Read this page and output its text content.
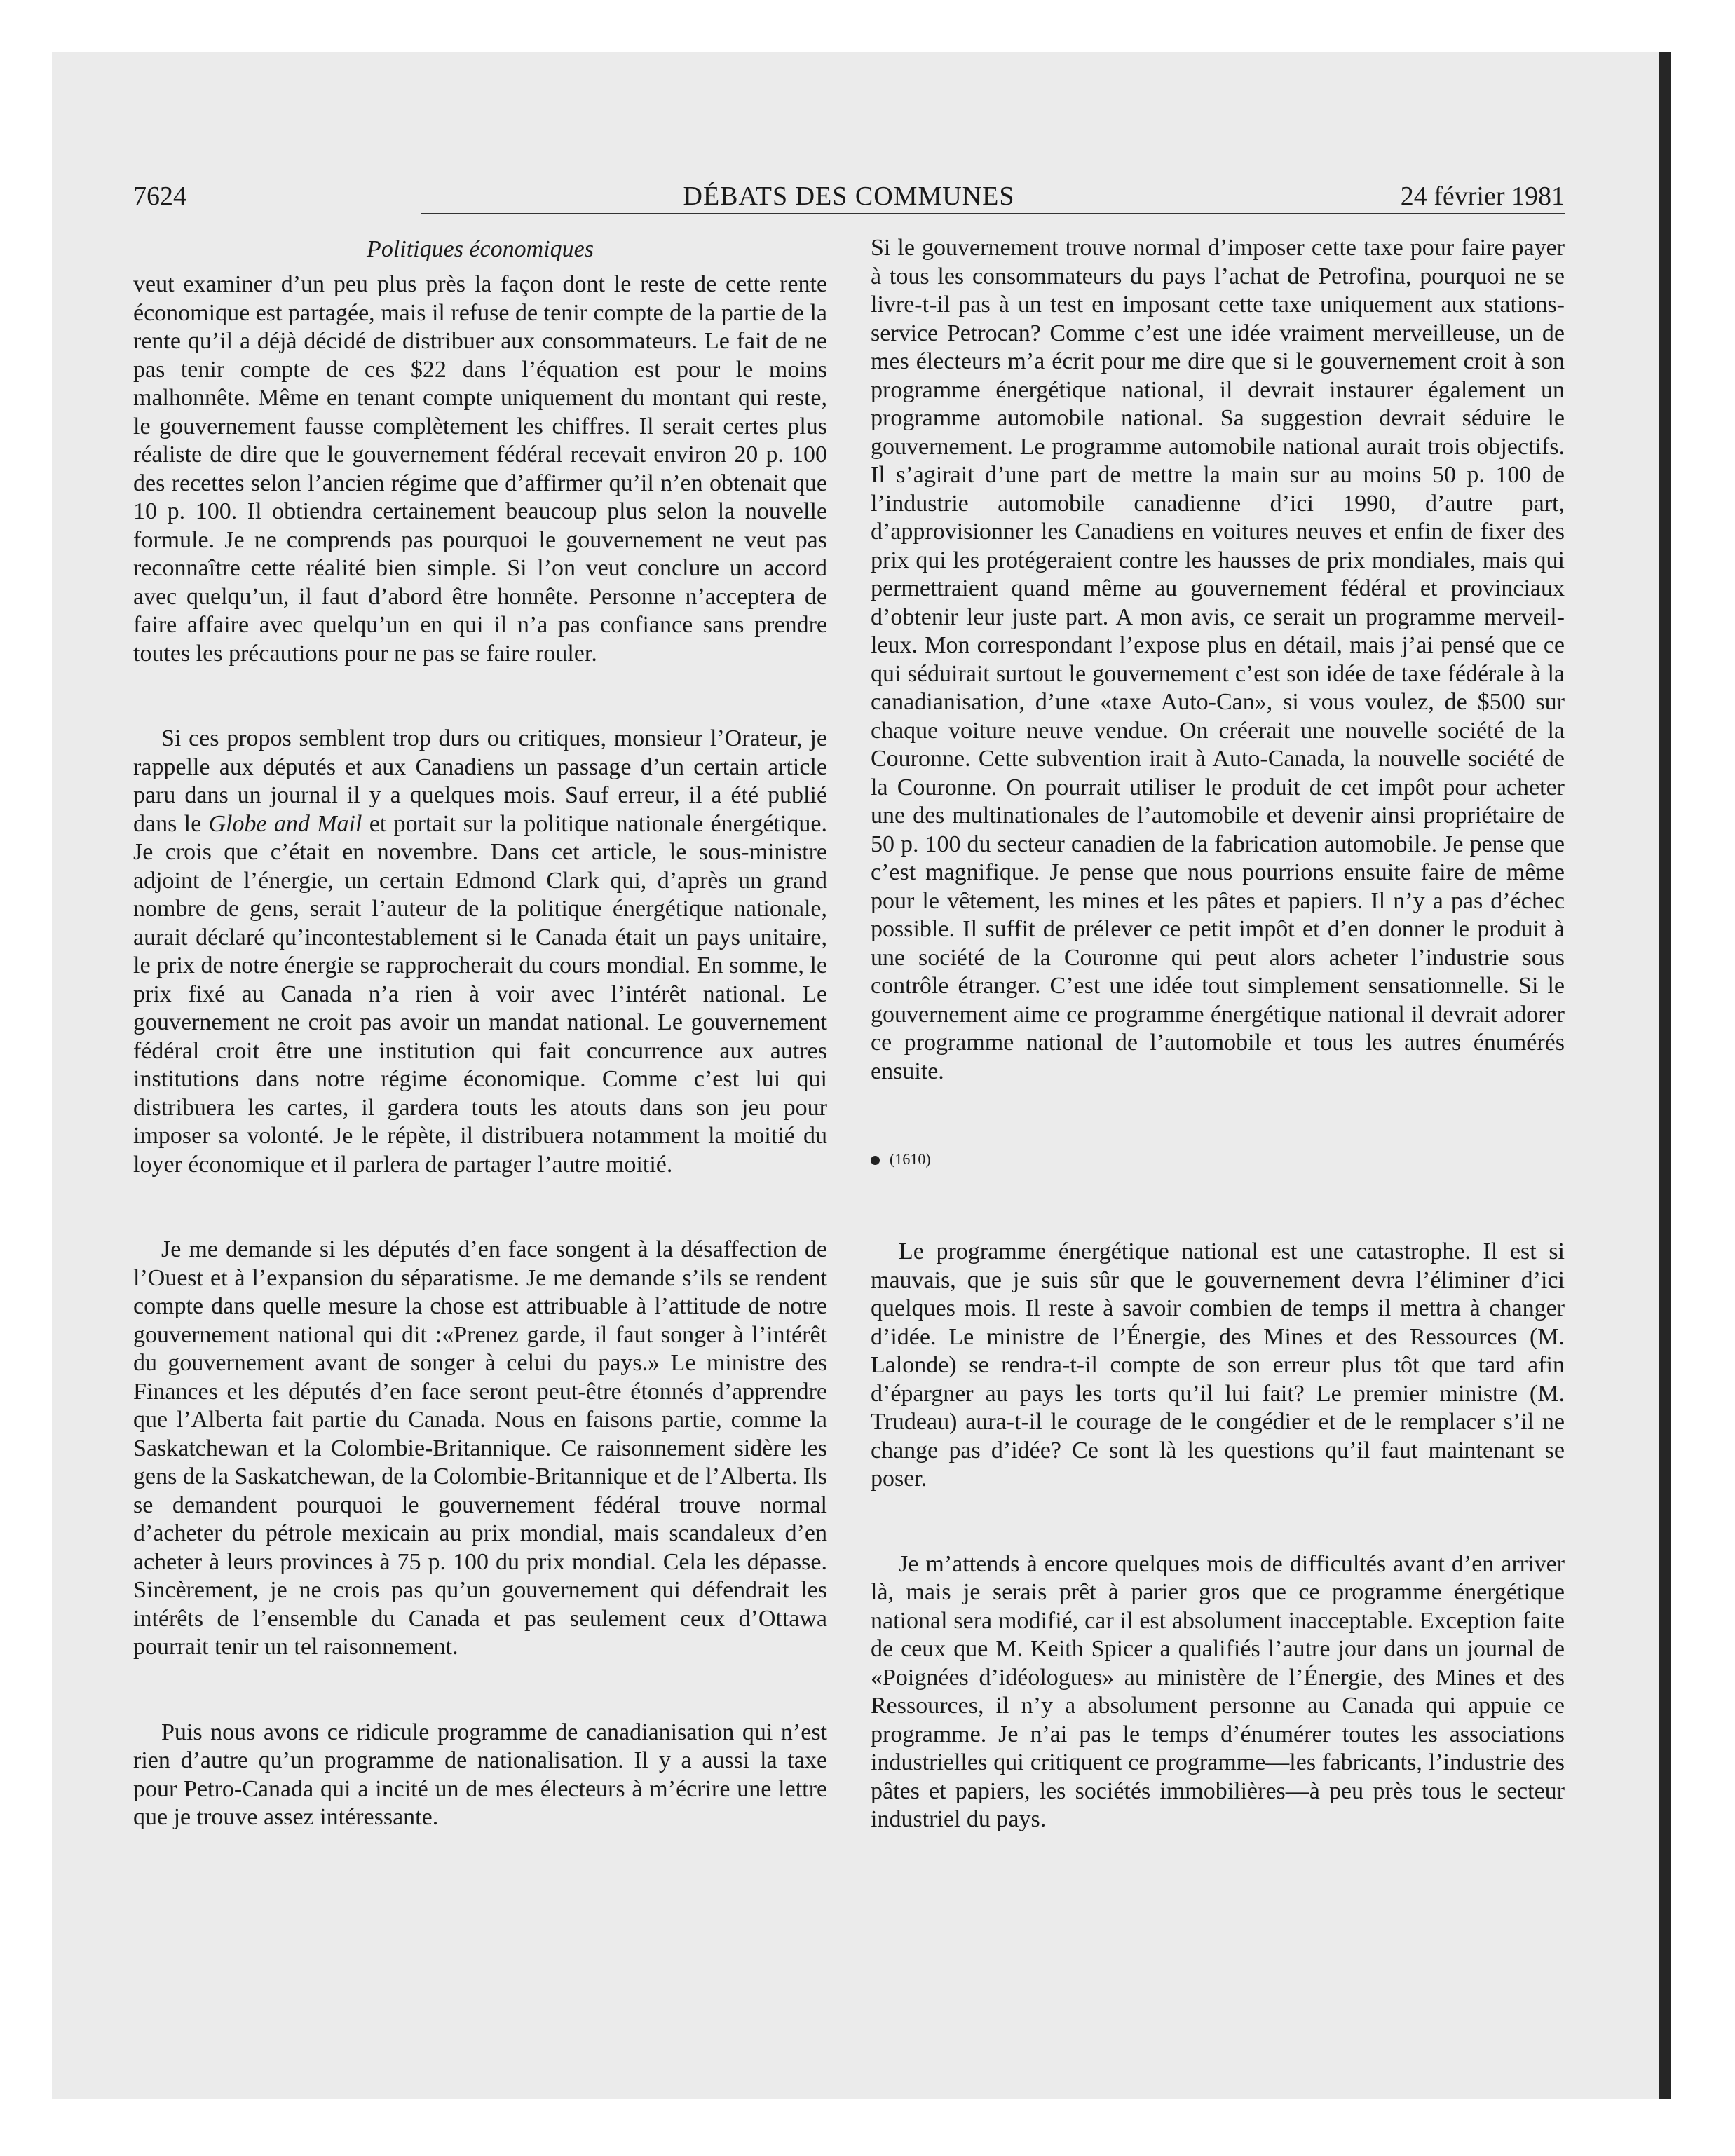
7624	DÉBATS DES COMMUNES	24 février 1981
Politiques économiques

veut examiner d’un peu plus près la façon dont le reste de cette rente économique est partagée, mais il refuse de tenir compte de la partie de la rente qu’il a déjà décidé de distribuer aux consommateurs. Le fait de ne pas tenir compte de ces $22 dans l’équation est pour le moins malhonnête. Même en tenant compte uniquement du montant qui reste, le gouvernement fausse complètement les chiffres. Il serait certes plus réaliste de dire que le gouvernement fédéral recevait environ 20 p. 100 des recettes selon l’ancien régime que d’affirmer qu’il n’en obtenait que 10 p. 100. Il obtiendra certainement beaucoup plus selon la nouvelle formule. Je ne comprends pas pourquoi le gouvernement ne veut pas reconnaître cette réalité bien simple. Si l’on veut conclure un accord avec quelqu’un, il faut d’abord être honnête. Personne n’acceptera de faire affaire avec quelqu’un en qui il n’a pas confiance sans prendre toutes les précautions pour ne pas se faire rouler.

Si ces propos semblent trop durs ou critiques, monsieur l’Orateur, je rappelle aux députés et aux Canadiens un passage d’un certain article paru dans un journal il y a quelques mois. Sauf erreur, il a été publié dans le Globe and Mail et portait sur la politique nationale énergétique. Je crois que c’était en novembre. Dans cet article, le sous-ministre adjoint de l’énergie, un certain Edmond Clark qui, d’après un grand nombre de gens, serait l’auteur de la politique énergétique nationale, aurait déclaré qu’incontestablement si le Canada était un pays unitaire, le prix de notre énergie se rapprocherait du cours mondial. En somme, le prix fixé au Canada n’a rien à voir avec l’intérêt national. Le gouvernement ne croit pas avoir un mandat national. Le gouvernement fédéral croit être une institution qui fait concurrence aux autres institutions dans notre régime économique. Comme c’est lui qui distribuera les cartes, il gardera touts les atouts dans son jeu pour imposer sa volonté. Je le répète, il distribuera notamment la moitié du loyer économique et il parlera de partager l’autre moitié.

Je me demande si les députés d’en face songent à la désaffection de l’Ouest et à l’expansion du séparatisme. Je me demande s’ils se rendent compte dans quelle mesure la chose est attribuable à l’attitude de notre gouvernement national qui dit :«Prenez garde, il faut songer à l’intérêt du gouvernement avant de songer à celui du pays.» Le ministre des Finances et les députés d’en face seront peut-être étonnés d’apprendre que l’Alberta fait partie du Canada. Nous en faisons partie, comme la Saskatchewan et la Colombie-Britannique. Ce raisonnement sidère les gens de la Saskatchewan, de la Colombie-Britannique et de l’Alberta. Ils se demandent pourquoi le gouvernement fédéral trouve normal d’acheter du pétrole mexicain au prix mondial, mais scandaleux d’en acheter à leurs provinces à 75 p. 100 du prix mondial. Cela les dépasse. Sincèrement, je ne crois pas qu’un gouvernement qui défendrait les intérêts de l’ensemble du Canada et pas seulement ceux d’Ottawa pourrait tenir un tel raisonnement.

Puis nous avons ce ridicule programme de canadianisation qui n’est rien d’autre qu’un programme de nationalisation. Il y a aussi la taxe pour Petro-Canada qui a incité un de mes électeurs à m’écrire une lettre que je trouve assez intéressante.

Si le gouvernement trouve normal d’imposer cette taxe pour faire payer à tous les consommateurs du pays l’achat de Petrofina, pourquoi ne se livre-t-il pas à un test en imposant cette taxe uniquement aux stations-service Petrocan? Comme c’est une idée vraiment merveilleuse, un de mes électeurs m’a écrit pour me dire que si le gouvernement croit à son programme énergétique national, il devrait instaurer également un programme automobile national. Sa suggestion devrait séduire le gouvernement. Le programme automobile national aurait trois objectifs. Il s’agirait d’une part de mettre la main sur au moins 50 p. 100 de l’industrie automobile canadienne d’ici 1990, d’autre part, d’approvisionner les Canadiens en voitures neuves et enfin de fixer des prix qui les protégeraient contre les hausses de prix mondiales, mais qui permettraient quand même au gouvernement fédéral et provinciaux d’obtenir leur juste part. A mon avis, ce serait un programme merveilleux. Mon correspondant l’expose plus en détail, mais j’ai pensé que ce qui séduirait surtout le gouvernement c’est son idée de taxe fédérale à la canadianisation, d’une «taxe Auto-Can», si vous voulez, de $500 sur chaque voiture neuve vendue. On créerait une nouvelle société de la Couronne. Cette subvention irait à Auto-Canada, la nouvelle société de la Couronne. On pourrait utiliser le produit de cet impôt pour acheter une des multinationales de l’automobile et devenir ainsi propriétaire de 50 p. 100 du secteur canadien de la fabrication automobile. Je pense que c’est magnifique. Je pense que nous pourrions ensuite faire de même pour le vêtement, les mines et les pâtes et papiers. Il n’y a pas d’échec possible. Il suffit de prélever ce petit impôt et d’en donner le produit à une société de la Couronne qui peut alors acheter l’industrie sous contrôle étranger. C’est une idée tout simplement sensationnelle. Si le gouvernement aime ce programme énergétique national il devrait adorer ce programme national de l’automobile et tous les autres énumérés ensuite.

(1610)

Le programme énergétique national est une catastrophe. Il est si mauvais, que je suis sûr que le gouvernement devra l’éliminer d’ici quelques mois. Il reste à savoir combien de temps il mettra à changer d’idée. Le ministre de l’Énergie, des Mines et des Ressources (M. Lalonde) se rendra-t-il compte de son erreur plus tôt que tard afin d’épargner au pays les torts qu’il lui fait? Le premier ministre (M. Trudeau) aura-t-il le courage de le congédier et de le remplacer s’il ne change pas d’idée? Ce sont là les questions qu’il faut maintenant se poser.

Je m’attends à encore quelques mois de difficultés avant d’en arriver là, mais je serais prêt à parier gros que ce programme énergétique national sera modifié, car il est absolument inacceptable. Exception faite de ceux que M. Keith Spicer a qualifiés l’autre jour dans un journal de «Poignées d’idéologues» au ministère de l’Énergie, des Mines et des Ressources, il n’y a absolument personne au Canada qui appuie ce programme. Je n’ai pas le temps d’énumérer toutes les associations industrielles qui critiquent ce programme—les fabricants, l’industrie des pâtes et papiers, les sociétés immobilières—à peu près tous le secteur industriel du pays.
